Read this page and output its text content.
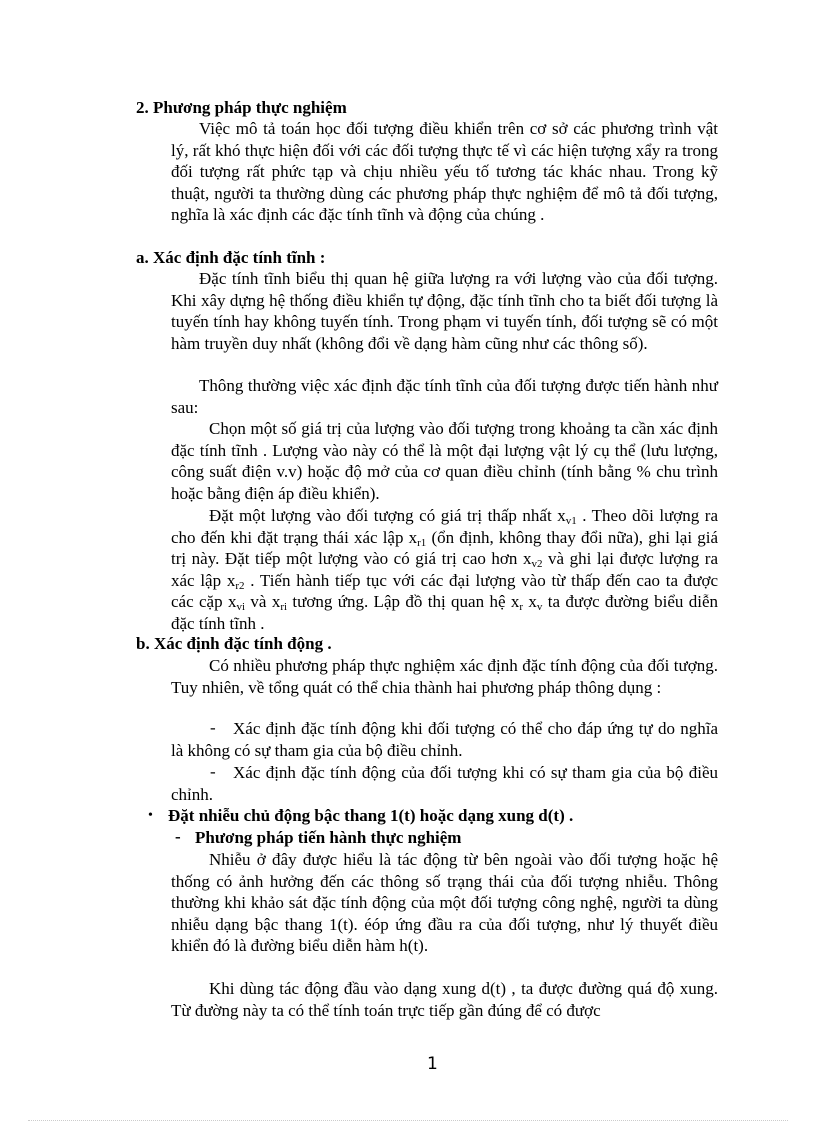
2. Phương pháp thực nghiệm

Việc mô tả toán học đối tượng điều khiển trên cơ sở các phương trình vật lý, rất khó thực hiện đối với các đối tượng thực tế vì các hiện tượng xẩy ra trong đối tượng rất phức tạp và chịu nhiều yếu tố tương tác khác nhau. Trong kỹ thuật, người ta thường dùng các phương pháp thực nghiệm để mô tả đối tượng, nghĩa là xác định các đặc tính tĩnh và động của chúng .

a. Xác định đặc tính tĩnh :

Đặc tính tĩnh biểu thị quan hệ giữa lượng ra với lượng vào của đối tượng. Khi xây dựng hệ thống điều khiển tự động, đặc tính tĩnh cho ta biết đối tượng là tuyến tính hay không tuyến tính. Trong phạm vi tuyến tính, đối tượng sẽ có một hàm truyền duy nhất (không đổi về dạng hàm cũng như các thông số).

Thông thường việc xác định đặc tính tĩnh của đối tượng được tiến hành như sau:

Chọn một số giá trị của lượng vào đối tượng trong khoảng ta cần xác định đặc tính tĩnh . Lượng vào này có thể là một đại lượng vật lý cụ thể (lưu lượng, công suất điện v.v) hoặc độ mở của cơ quan điều chỉnh (tính bằng % chu trình hoặc bằng điện áp điều khiển).

Đặt một lượng vào đối tượng có giá trị thấp nhất $x_{v1}$ . Theo dõi lượng ra cho đến khi đặt trạng thái xác lập $x_{r1}$ (ổn định, không thay đổi nữa), ghi lại giá trị này. Đặt tiếp một lượng vào có giá trị cao hơn $x_{v2}$ và ghi lại được lượng ra xác lập $x_{r2}$ . Tiến hành tiếp tục với các đại lượng vào từ thấp đến cao ta được các cặp $x_{vi}$ và $x_{ri}$ tương ứng. Lập đồ thị quan hệ $x_r$ $x_v$ ta được đường biểu diễn đặc tính tĩnh .

b. Xác định đặc tính động .

Có nhiều phương pháp thực nghiệm xác định đặc tính động của đối tượng. Tuy nhiên, về tổng quát có thể chia thành hai phương pháp thông dụng :

-	Xác định đặc tính động khi đối tượng có thể cho đáp ứng tự do nghĩa là không có sự tham gia của bộ điều chỉnh.

-	Xác định đặc tính động của đối tượng khi có sự tham gia của bộ điều chỉnh.

• Đặt nhiễu chủ động bậc thang 1(t) hoặc dạng xung d(t) .

- Phương pháp tiến hành thực nghiệm

Nhiễu ở đây được hiểu là tác động từ bên ngoài vào đối tượng hoặc hệ thống có ảnh hưởng đến các thông số trạng thái của đối tượng nhiễu. Thông thường khi khảo sát đặc tính động của một đối tượng công nghệ, người ta dùng nhiễu dạng bậc thang 1(t). éóp ứng đầu ra của đối tượng, như lý thuyết điều khiển đó là đường biểu diễn hàm h(t).

Khi dùng tác động đầu vào dạng xung d(t) , ta được đường quá độ xung. Từ đường này ta có thể tính toán trực tiếp gần đúng để có được

1
